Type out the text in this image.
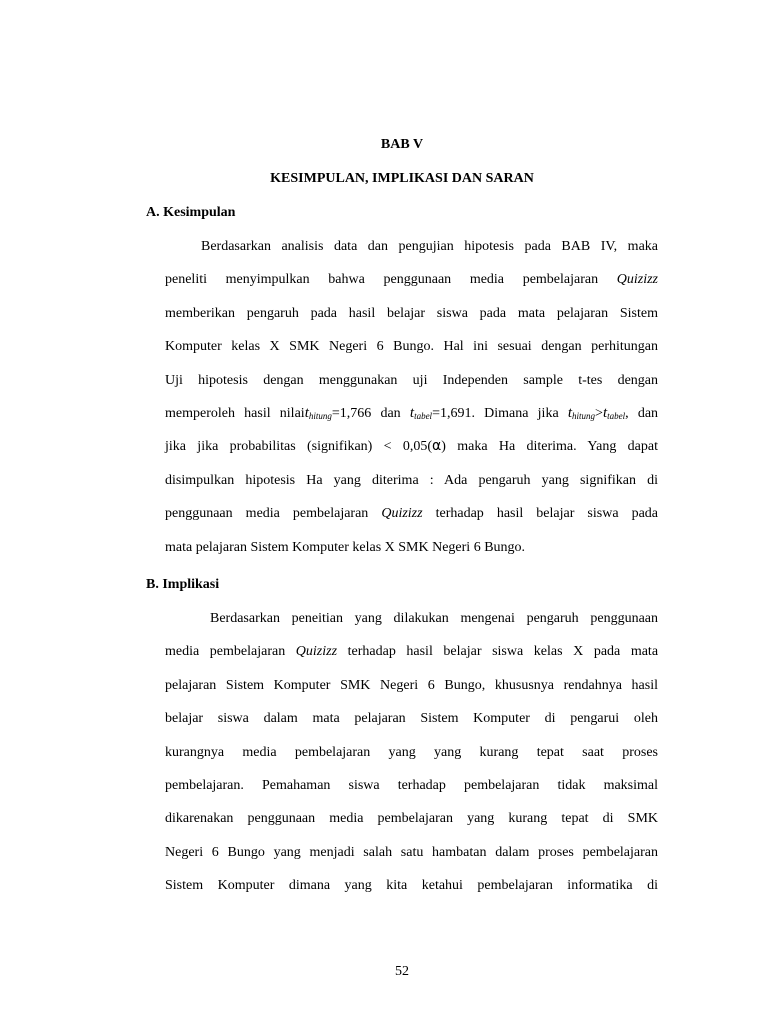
BAB V
KESIMPULAN, IMPLIKASI DAN SARAN
A. Kesimpulan
Berdasarkan analisis data dan pengujian hipotesis pada BAB IV, maka
peneliti menyimpulkan bahwa penggunaan media pembelajaran Quizizz
memberikan pengaruh pada hasil belajar siswa pada mata pelajaran Sistem
Komputer kelas X SMK Negeri 6 Bungo. Hal ini sesuai dengan perhitungan
Uji hipotesis dengan menggunakan uji Independen sample t-tes dengan
memperoleh hasil nilait$_{hitung}$=1,766 dan $t_{tabel}=1,691$. Dimana jika $t_{hitung}>t_{tabel}$, dan
jika jika probabilitas (signifikan) < 0,05(α) maka Ha diterima. Yang dapat
disimpulkan hipotesis Ha yang diterima : Ada pengaruh yang signifikan di
penggunaan media pembelajaran Quizizz terhadap hasil belajar siswa pada
mata pelajaran Sistem Komputer kelas X SMK Negeri 6 Bungo.
B. Implikasi
Berdasarkan peneitian yang dilakukan mengenai pengaruh penggunaan
media pembelajaran Quizizz terhadap hasil belajar siswa kelas X pada mata
pelajaran Sistem Komputer SMK Negeri 6 Bungo, khususnya rendahnya hasil
belajar siswa dalam mata pelajaran Sistem Komputer di pengarui oleh
kurangnya media pembelajaran yang yang kurang tepat saat proses
pembelajaran. Pemahaman siswa terhadap pembelajaran tidak maksimal
dikarenakan penggunaan media pembelajaran yang kurang tepat di SMK
Negeri 6 Bungo yang menjadi salah satu hambatan dalam proses pembelajaran
Sistem Komputer dimana yang kita ketahui pembelajaran informatika di
52
